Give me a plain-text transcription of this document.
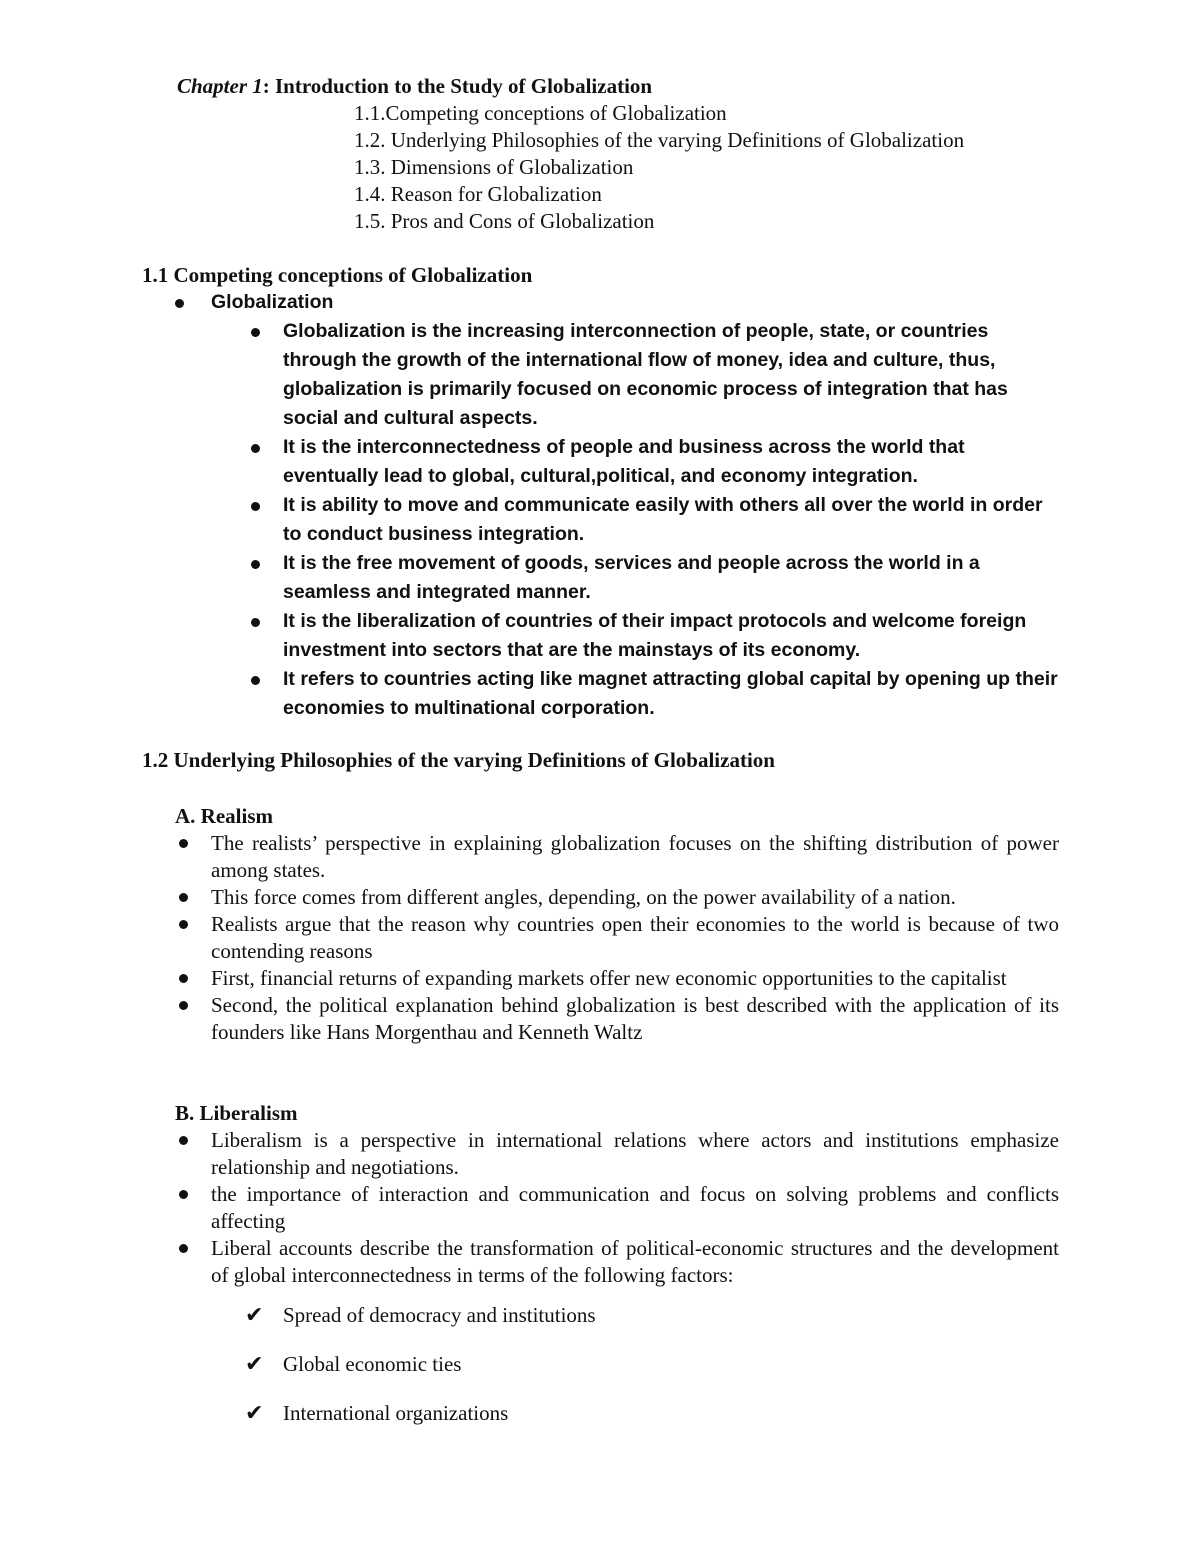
Chapter 1: Introduction to the Study of Globalization
1.1.Competing conceptions of Globalization
1.2. Underlying Philosophies of the varying Definitions of Globalization
1.3. Dimensions of Globalization
1.4. Reason for Globalization
1.5. Pros and Cons of Globalization
1.1 Competing conceptions of Globalization
Globalization
Globalization is the increasing interconnection of people, state, or countries through the growth of the international flow of money, idea and culture, thus, globalization is primarily focused on economic process of integration that has social and cultural aspects.
It is the interconnectedness of people and business across the world that eventually lead to global, cultural,political, and economy integration.
It is ability to move and communicate easily with others all over the world in order to conduct business integration.
It is the free movement of goods, services and people across the world in a seamless and integrated manner.
It is the liberalization of countries of their impact protocols and welcome foreign investment into sectors that are the mainstays of its economy.
It refers to countries acting like magnet attracting global capital by opening up their economies to multinational corporation.
1.2 Underlying Philosophies of the varying Definitions of Globalization
A. Realism
The realists’ perspective in explaining globalization focuses on the shifting distribution of power among states.
This force comes from different angles, depending, on the power availability of a nation.
Realists argue that the reason why countries open their economies to the world is because of two contending reasons
First, financial returns of expanding markets offer new economic opportunities to the capitalist
Second, the political explanation behind globalization is best described with the application of its founders like Hans Morgenthau and Kenneth Waltz
B. Liberalism
Liberalism is a perspective in international relations where actors and institutions emphasize relationship and negotiations.
the importance of interaction and communication and focus on solving problems and conflicts affecting
Liberal accounts describe the transformation of political-economic structures and the development of global interconnectedness in terms of the following factors:
✔ Spread of democracy and institutions
✔ Global economic ties
✔ International organizations
